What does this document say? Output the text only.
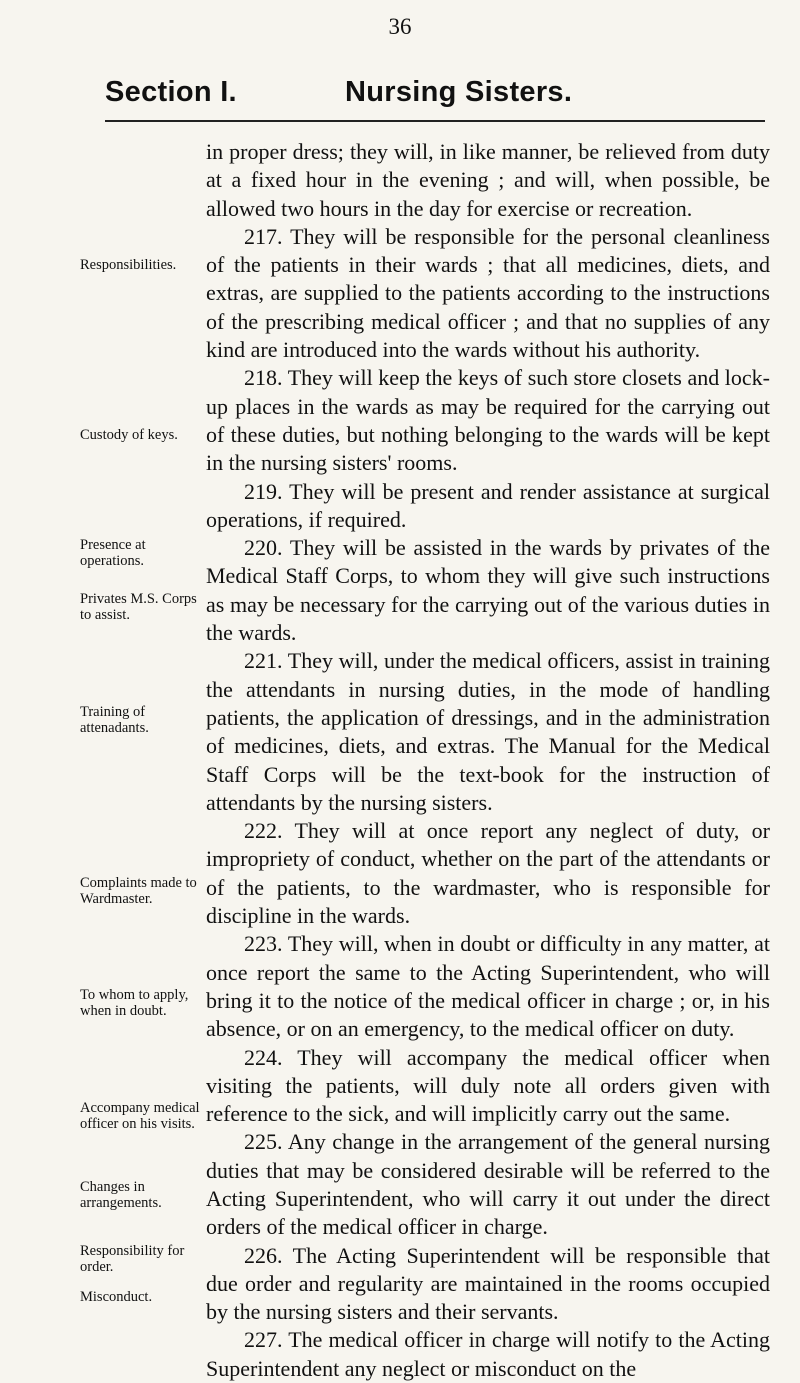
36
Section I.	Nursing Sisters.

in proper dress; they will, in like manner, be relieved from duty at a fixed hour in the evening ; and will, when possible, be allowed two hours in the day for exercise or recreation.

217. They will be responsible for the personal cleanliness of the patients in their wards ; that all medicines, diets, and extras, are supplied to the patients according to the instructions of the prescribing medical officer ; and that no supplies of any kind are introduced into the wards without his authority.

218. They will keep the keys of such store closets and lock-up places in the wards as may be required for the carrying out of these duties, but nothing belonging to the wards will be kept in the nursing sisters' rooms.

219. They will be present and render assistance at surgical operations, if required.

220. They will be assisted in the wards by privates of the Medical Staff Corps, to whom they will give such instructions as may be necessary for the carrying out of the various duties in the wards.

221. They will, under the medical officers, assist in training the attendants in nursing duties, in the mode of handling patients, the application of dressings, and in the administration of medicines, diets, and extras. The Manual for the Medical Staff Corps will be the text-book for the instruction of attendants by the nursing sisters.

222. They will at once report any neglect of duty, or impropriety of conduct, whether on the part of the attendants or of the patients, to the wardmaster, who is responsible for discipline in the wards.

223. They will, when in doubt or difficulty in any matter, at once report the same to the Acting Superintendent, who will bring it to the notice of the medical officer in charge ; or, in his absence, or on an emergency, to the medical officer on duty.

224. They will accompany the medical officer when visiting the patients, will duly note all orders given with reference to the sick, and will implicitly carry out the same.

225. Any change in the arrangement of the general nursing duties that may be considered desirable will be referred to the Acting Superintendent, who will carry it out under the direct orders of the medical officer in charge.

226. The Acting Superintendent will be responsible that due order and regularity are maintained in the rooms occupied by the nursing sisters and their servants.

227. The medical officer in charge will notify to the Acting Superintendent any neglect or misconduct on the

Responsibilities.
Custody of keys.
Presence at operations.
Privates M.S. Corps to assist.
Training of attenadants.
Complaints made to Wardmaster.
To whom to apply, when in doubt.
Accompany medical officer on his visits.
Changes in arrangements.
Responsibility for order.
Misconduct.
